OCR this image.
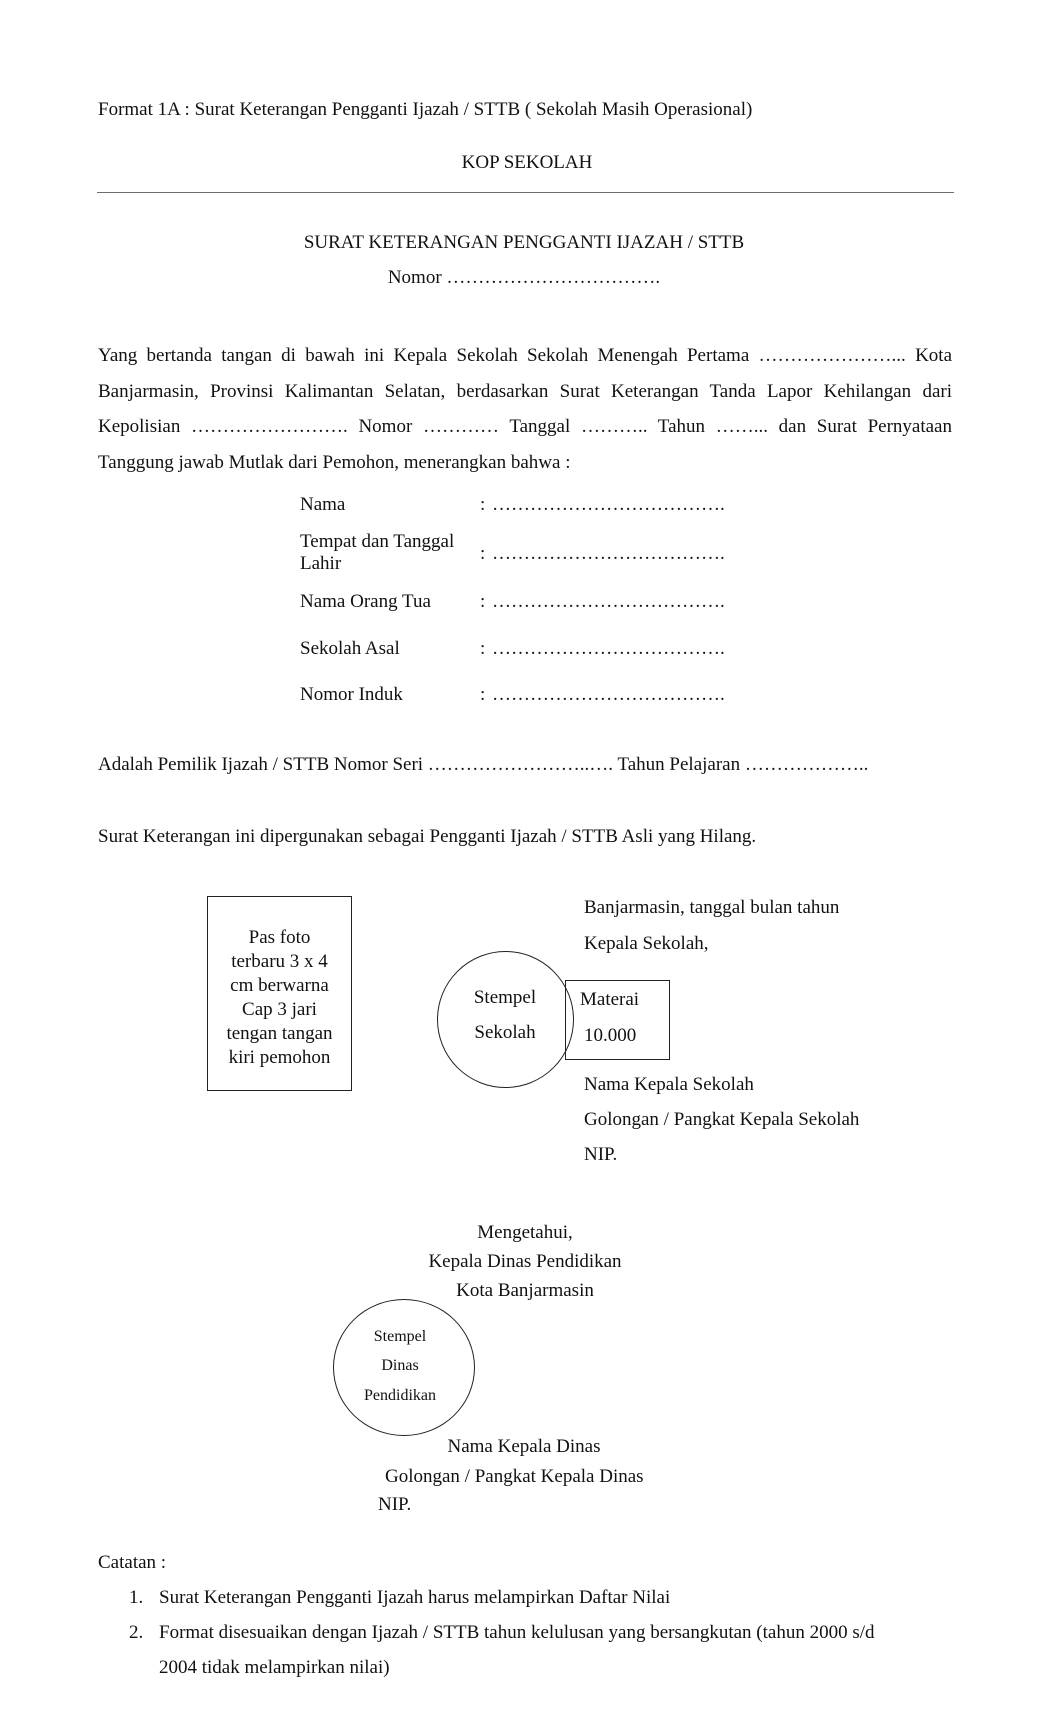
Format 1A : Surat Keterangan Pengganti Ijazah / STTB ( Sekolah Masih Operasional)
KOP SEKOLAH
SURAT KETERANGAN PENGGANTI IJAZAH / STTB
Nomor …………………………….
Yang bertanda tangan di bawah ini Kepala Sekolah Sekolah Menengah Pertama …………………... Kota
Banjarmasin, Provinsi Kalimantan Selatan, berdasarkan Surat Keterangan Tanda Lapor Kehilangan dari
Kepolisian ……………………. Nomor ………… Tanggal ……….. Tahun ……... dan Surat Pernyataan
Tanggung jawab Mutlak dari Pemohon, menerangkan bahwa :
Nama	: ……………………………….
Tempat dan Tanggal
Lahir	: ……………………………….
Nama Orang Tua	: ……………………………….
Sekolah Asal	: ……………………………….
Nomor Induk	: ……………………………….
Adalah Pemilik Ijazah / STTB Nomor Seri ……………………..…. Tahun Pelajaran ………………..
Surat Keterangan ini dipergunakan sebagai Pengganti Ijazah / STTB Asli yang Hilang.
Pas foto
terbaru 3 x 4
cm berwarna
Cap 3 jari
tengan tangan
kiri pemohon
Banjarmasin, tanggal bulan tahun
Kepala Sekolah,
Materai
10.000
Stempel
Sekolah
Nama Kepala Sekolah
Golongan / Pangkat Kepala Sekolah
NIP.
Mengetahui,
Kepala Dinas Pendidikan
Kota Banjarmasin
Stempel
Dinas
Pendidikan
Nama Kepala Dinas
Golongan / Pangkat Kepala Dinas
NIP.
Catatan :
1. Surat Keterangan Pengganti Ijazah harus melampirkan Daftar Nilai
2. Format disesuaikan dengan Ijazah / STTB tahun kelulusan yang bersangkutan (tahun 2000 s/d
2004 tidak melampirkan nilai)
